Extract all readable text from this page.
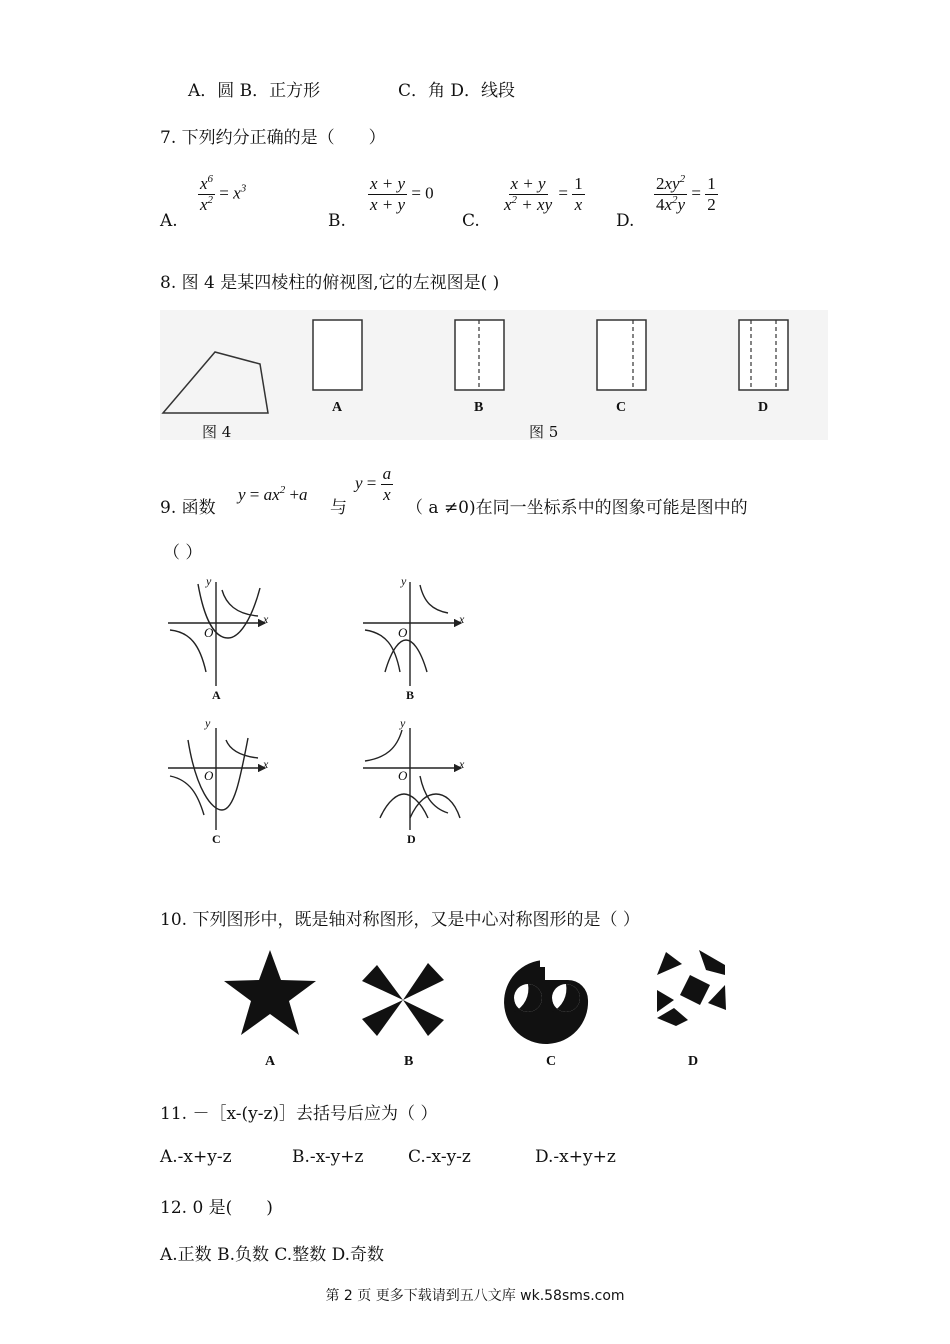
A．圆 B．正方形	C．角 D．线段
7. 下列约分正确的是（　　）
A.
$\frac{x^6}{x^2} = x^3$
B.
$\frac{x + y}{x + y} = 0$
C.
$\frac{x + y}{x^2 + xy} = \frac{1}{x}$
D.
$\frac{2xy^2}{4x^2y} = \frac{1}{2}$
8. 图 4 是某四棱柱的俯视图,它的左视图是( )
图 4
A	B
图 5
C	D
9. 函数
$y = ax^2 +a$
与
$y = \frac{a}{x}$
（ a ≠0)在同一坐标系中的图象可能是图中的
（ ）
y
x
O
A
y
x
O
B
y
x
O
C
y
x
O
D
10. 下列图形中，既是轴对称图形，又是中心对称图形的是（ ）
A	B	C	D
11. －［x-(y-z)］去括号后应为（ ）
A.-x+y-z	B.-x-y+z	C.-x-y-z	D.-x+y+z
12. 0 是(　　)
A.正数 B.负数 C.整数 D.奇数
第 2 页 更多下载请到五八文库 wk.58sms.com
